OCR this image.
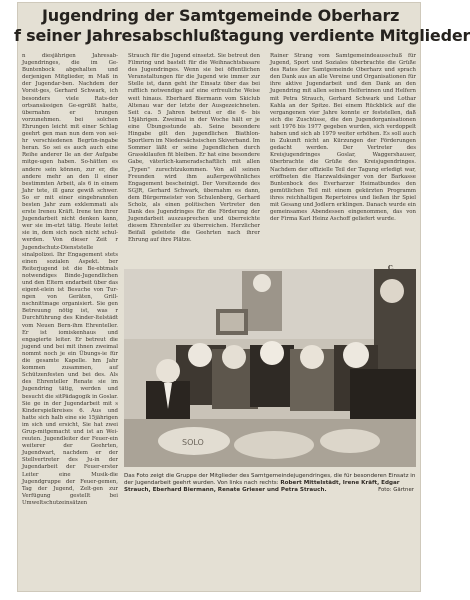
Jugendring der Samtgemeinde Oberharz
f seiner Jahresabschlußtagung verdiente Mitglieder
n diesjährigen Jahresab-Jugendringes, die im Ge-Buntenbock abgehalten und derjenigen Mitglieder, m Maß in der Jugendar-ben. Nachdem der Vorsit-ges, Gerhard Schwark, ich besonders viele Rats-der ortsansässigen Ge-egrüßt hatte, übernahm er hrungen vorzunehmen. bei solchen Ehrungen leicht mit einer Schlag geehrt gen man nun dem von sei-hr verschiedenen Begrün-ingabe heran. So sei es auch auch eine Reihe anderer lle an der Aufgabe mitge-ugen haben. So-hätten es andere sein können, zur er, die andere mehr an den ll einer bestimmten Arbeit, als 6 in einem Jahr tete, ill ganz gewiß schwer. So er mit einer eingebrannten besten Jahr zum exklemmati als erste Ireneu Kräft. Irene ten ihrer Jugendarbeit nicht denken kann, wer sie im-etzt tätig. Heute leitet sie in, dem sich noch nicht schul-werden. Von dieser Zeit r Jugendschutz-Dienststelle sinalpolizei. Ihr Engagement stets einen sozialen Aspekt. ber Reiterjugend ist die Be-ebtmals notwendiges Binde-Jugendlichen und den Eltern endarbeit über das eigent-elein ist Besuche von Tur-ngen von Geräten, Grill-nschnittmage organisiert. Sie gen Betreuung nötig ist, was r Durchführung des Kinder-ltelstädt vom Neuen Bern-ihm Ehrenteller. Er ist iomiskenhaus und engagierte leiter. Er betreut die jugend und bei mit ihnen zweimal nommt noch je ein Übungs-ie für die gesamte Kapelle. hm Jahr kommen zusammen, auf Schützenfesten und bei des. Als des Ehrenteller Renate sie im Jugendring tätig, werden und besucht die sitPädagogik in Goslar. Sie ge in der Jugendarbeit mit s Kinderspielkreises 6. Aus und hatte sich halb eine sie 15jährigen im sich und ersicht, Sie hat zwei Grup-mitgemacht und ist an Wei-reuten. Jugendleiter der Feuer-ein weiterer der Geehrten, Jugendwart, nachdem er der Stellvertreter des Ju-in der Jugendarbeit der Feuer-erster Leiter eine Musik-die Jugendgruppe der Feuer-gemen, Tag der Jugend, Zelt-gen zur Verfügung gestellt bei Umweltschutzeinsätzen
Strauch für die Jugend einsetzt. Sie betreut den Filmring und bastelt für die Weihnachtsbasare des Jugendringes. Wenn sie bei öffentlichen Veranstaltungen für die Jugend wie immer zur Stelle ist, dann geht ihr Einsatz über das bei rufflich notwendige auf eine erfreuliche Weise weit hinaus. Eberhard Biermann vom Skiclub Altenau war der letzte der Ausgezeichneten. Seit ca. 5 Jahren betreut er die 6- bis 15jährigen. Zweimal in der Woche hält er je eine Übungsstunde ab. Seine besondere Hingabe gilt den jugendlichen Biathlon-Sportlern im Niedersächsischen Skiverband. Im Sommer läßt er seine Jugendlichen durch Grasskilaufen fit bleiben. Er hat eine besondere Gabe, väterlich-kameradschaftlich mit allen „Typen" zurechtzukommen. Von all seinen Freunden wird ihm außergewöhnliches Engagement bescheinigt. Der Vorsitzende des SGJR, Gerhard Schwark, übernahm es dann, dem Bürgermeister von Schulenberg, Gerhard Scholz, als einen politischen Vertreter den Dank des Jugendringes für die Förderung der Jugendarbeit auszusprechen und überreichte diesem Ehrenteller zu überreichen. Herzlicher Beifall geleitete die Geehrten nach ihrer Ehrung auf ihre Plätze.
Rainer Strang vom Samtgemeindeausschuß für Jugend, Sport und Soziales überbrachte die Grüße des Rates der Samtgemeinde Oberharz und sprach den Dank aus an alle Vereine und Organisationen für ihre aktive Jugendarbeit und den Dank an den Jugendring mit allen seinen Helferinnen und Helfern mit Petra Strauch, Gerhard Schwark und Lothar Kahla an der Spitze. Bei einem Rückblick auf die vergangenen vier Jahre konnte er feststellen, daß sich die Zuschüsse, die den Jugendorganisationen seit 1976 bis 1977 gegeben wurden, sich verdoppelt haben und sich ab 1979 weiter erhöhen. Es soll auch in Zukunft nicht an Kürzungen der Förderungen gedacht werden. Der Vertreter des Kreisjugendringes Goslar, Waggershauser, überbrachte die Grüße des Kreisjugendringes. Nachdem der offizielle Teil der Tagung erledigt war, eröffneten die Harzwaldsänger von der Barkasse Buntenbock des Everharzer Heimatbundes den gemütlichen Teil mit einem gekürzten Programm ihres reichhaltigen Repertoires und ließen ihr Spiel mit Gesang und Jodlern erklingen. Danach wurde ein gemeinsames Abendessen eingenommen, das von der Firma Karl Heinz Aschoff geliefert wurde.
SOLO
Das Foto zeigt die Gruppe der Mitglieder des Samtgemeindejugendringes, die für besonderen Einsatz in der Jugendarbeit geehrt wurden. Von links nach rechts: Robert Mittelstädt, Irene Kräft, Edgar Strauch, Eberhard Biermann, Renate Grieser und Petra Strauch.	Foto: Gärtner
